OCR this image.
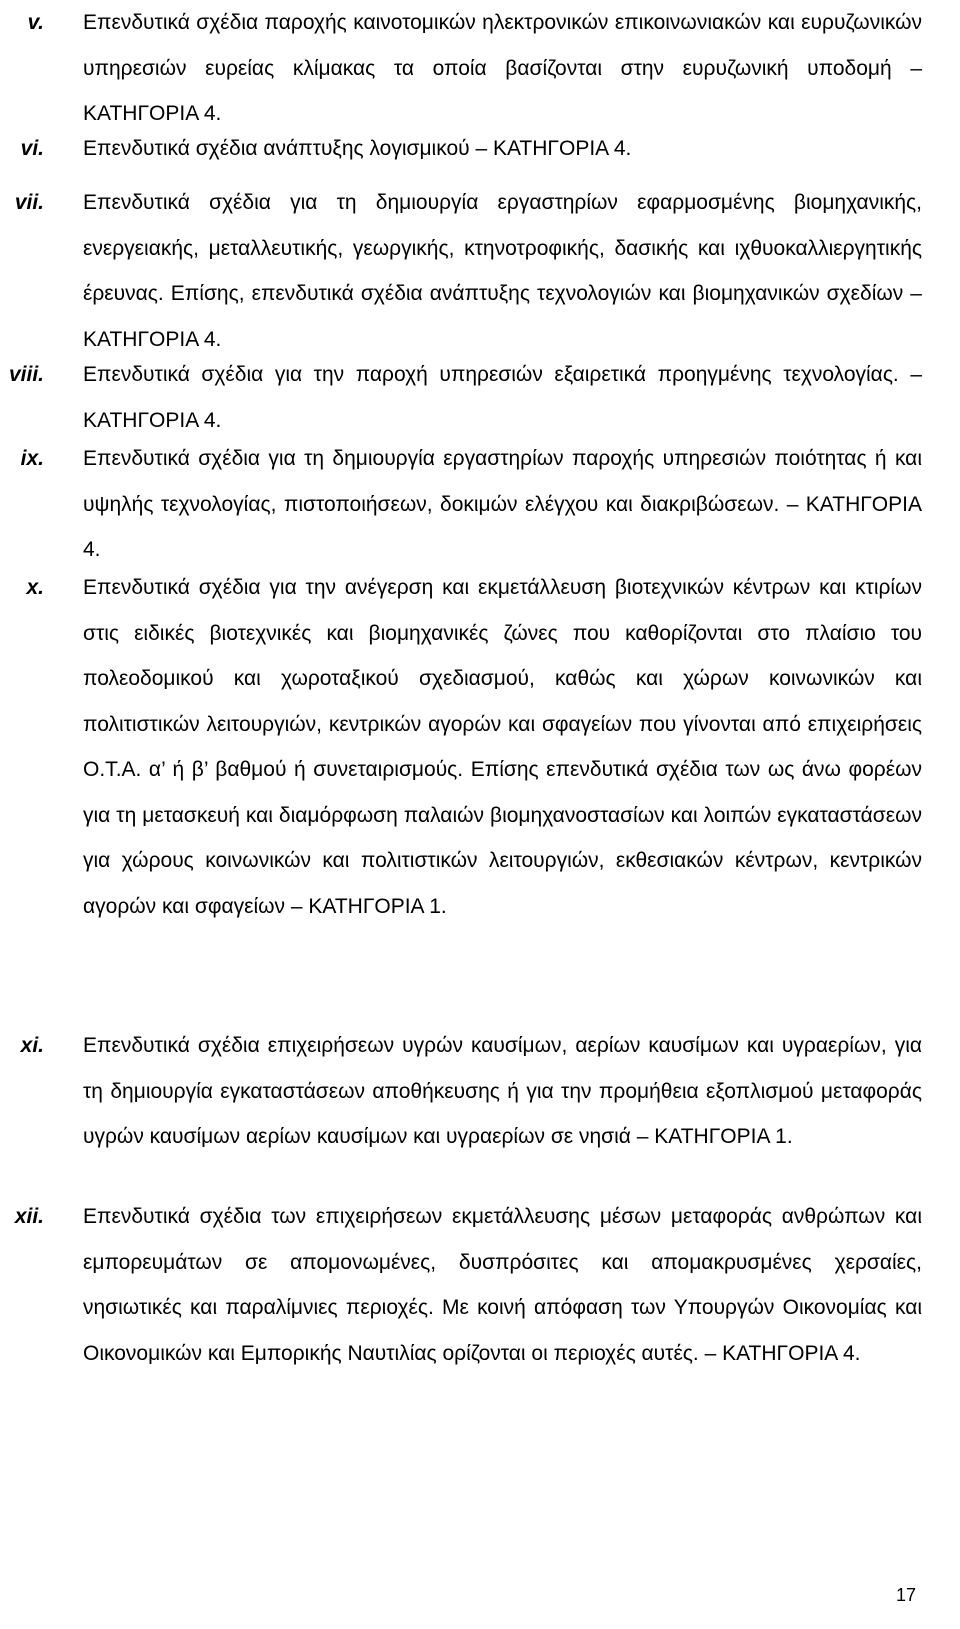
v. Επενδυτικά σχέδια παροχής καινοτομικών ηλεκτρονικών επικοινωνιακών και ευρυζωνικών υπηρεσιών ευρείας κλίμακας τα οποία βασίζονται στην ευρυζωνική υποδομή – ΚΑΤΗΓΟΡΙΑ 4.
vi. Επενδυτικά σχέδια ανάπτυξης λογισμικού – ΚΑΤΗΓΟΡΙΑ 4.
vii. Επενδυτικά σχέδια για τη δημιουργία εργαστηρίων εφαρμοσμένης βιομηχανικής, ενεργειακής, μεταλλευτικής, γεωργικής, κτηνοτροφικής, δασικής και ιχθυοκαλλιεργητικής έρευνας. Επίσης, επενδυτικά σχέδια ανάπτυξης τεχνολογιών και βιομηχανικών σχεδίων – ΚΑΤΗΓΟΡΙΑ 4.
viii. Επενδυτικά σχέδια για την παροχή υπηρεσιών εξαιρετικά προηγμένης τεχνολογίας. – ΚΑΤΗΓΟΡΙΑ 4.
ix. Επενδυτικά σχέδια για τη δημιουργία εργαστηρίων παροχής υπηρεσιών ποιότητας ή και υψηλής τεχνολογίας, πιστοποιήσεων, δοκιμών ελέγχου και διακριβώσεων. – ΚΑΤΗΓΟΡΙΑ 4.
x. Επενδυτικά σχέδια για την ανέγερση και εκμετάλλευση βιοτεχνικών κέντρων και κτιρίων στις ειδικές βιοτεχνικές και βιομηχανικές ζώνες που καθορίζονται στο πλαίσιο του πολεοδομικού και χωροταξικού σχεδιασμού, καθώς και χώρων κοινωνικών και πολιτιστικών λειτουργιών, κεντρικών αγορών και σφαγείων που γίνονται από επιχειρήσεις Ο.Τ.Α. α’ ή β’ βαθμού ή συνεταιρισμούς. Επίσης επενδυτικά σχέδια των ως άνω φορέων για τη μετασκευή και διαμόρφωση παλαιών βιομηχανοστασίων και λοιπών εγκαταστάσεων για χώρους κοινωνικών και πολιτιστικών λειτουργιών, εκθεσιακών κέντρων, κεντρικών αγορών και σφαγείων – ΚΑΤΗΓΟΡΙΑ 1.
xi. Επενδυτικά σχέδια επιχειρήσεων υγρών καυσίμων, αερίων καυσίμων και υγραερίων, για τη δημιουργία εγκαταστάσεων αποθήκευσης ή για την προμήθεια εξοπλισμού μεταφοράς υγρών καυσίμων αερίων καυσίμων και υγραερίων σε νησιά – ΚΑΤΗΓΟΡΙΑ 1.
xii. Επενδυτικά σχέδια των επιχειρήσεων εκμετάλλευσης μέσων μεταφοράς ανθρώπων και εμπορευμάτων σε απομονωμένες, δυσπρόσιτες και απομακρυσμένες χερσαίες, νησιωτικές και παραλίμνιες περιοχές. Με κοινή απόφαση των Υπουργών Οικονομίας και Οικονομικών και Εμπορικής Ναυτιλίας ορίζονται οι περιοχές αυτές. – ΚΑΤΗΓΟΡΙΑ 4.
17
